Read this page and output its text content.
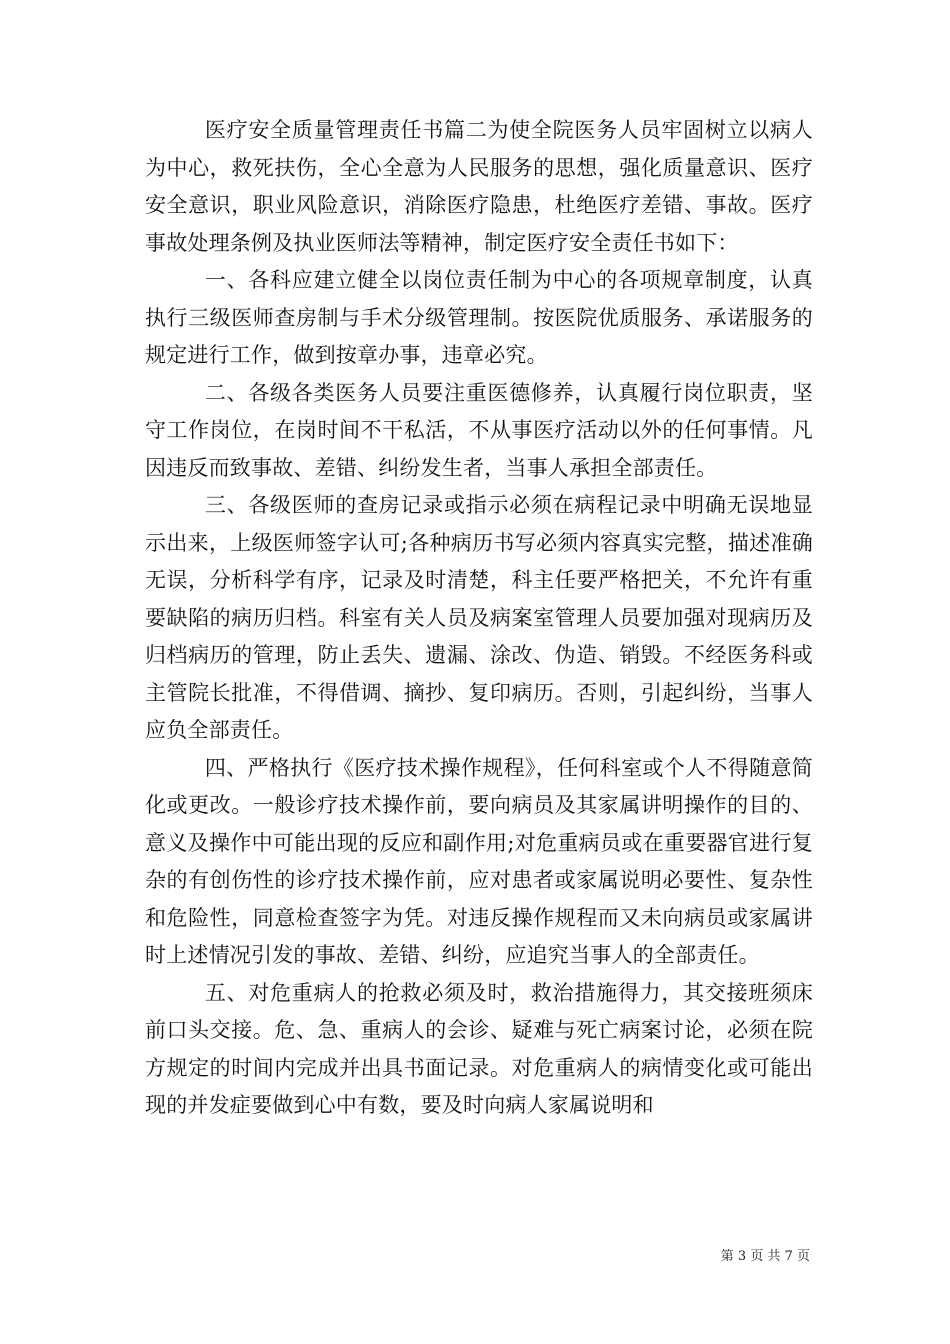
医疗安全质量管理责任书篇二为使全院医务人员牢固树立以病人为中心，救死扶伤，全心全意为人民服务的思想，强化质量意识、医疗安全意识，职业风险意识，消除医疗隐患，杜绝医疗差错、事故。医疗事故处理条例及执业医师法等精神，制定医疗安全责任书如下：

一、各科应建立健全以岗位责任制为中心的各项规章制度，认真执行三级医师查房制与手术分级管理制。按医院优质服务、承诺服务的规定进行工作，做到按章办事，违章必究。

二、各级各类医务人员要注重医德修养，认真履行岗位职责，坚守工作岗位，在岗时间不干私活，不从事医疗活动以外的任何事情。凡因违反而致事故、差错、纠纷发生者，当事人承担全部责任。

三、各级医师的查房记录或指示必须在病程记录中明确无误地显示出来，上级医师签字认可;各种病历书写必须内容真实完整，描述准确无误，分析科学有序，记录及时清楚，科主任要严格把关，不允许有重要缺陷的病历归档。科室有关人员及病案室管理人员要加强对现病历及归档病历的管理，防止丢失、遗漏、涂改、伪造、销毁。不经医务科或主管院长批准，不得借调、摘抄、复印病历。否则，引起纠纷，当事人应负全部责任。

四、严格执行《医疗技术操作规程》，任何科室或个人不得随意简化或更改。一般诊疗技术操作前，要向病员及其家属讲明操作的目的、意义及操作中可能出现的反应和副作用;对危重病员或在重要器官进行复杂的有创伤性的诊疗技术操作前，应对患者或家属说明必要性、复杂性和危险性，同意检查签字为凭。对违反操作规程而又未向病员或家属讲时上述情况引发的事故、差错、纠纷，应追究当事人的全部责任。

五、对危重病人的抢救必须及时，救治措施得力，其交接班须床前口头交接。危、急、重病人的会诊、疑难与死亡病案讨论，必须在院方规定的时间内完成并出具书面记录。对危重病人的病情变化或可能出现的并发症要做到心中有数，要及时向病人家属说明和

第 3 页 共 7 页
